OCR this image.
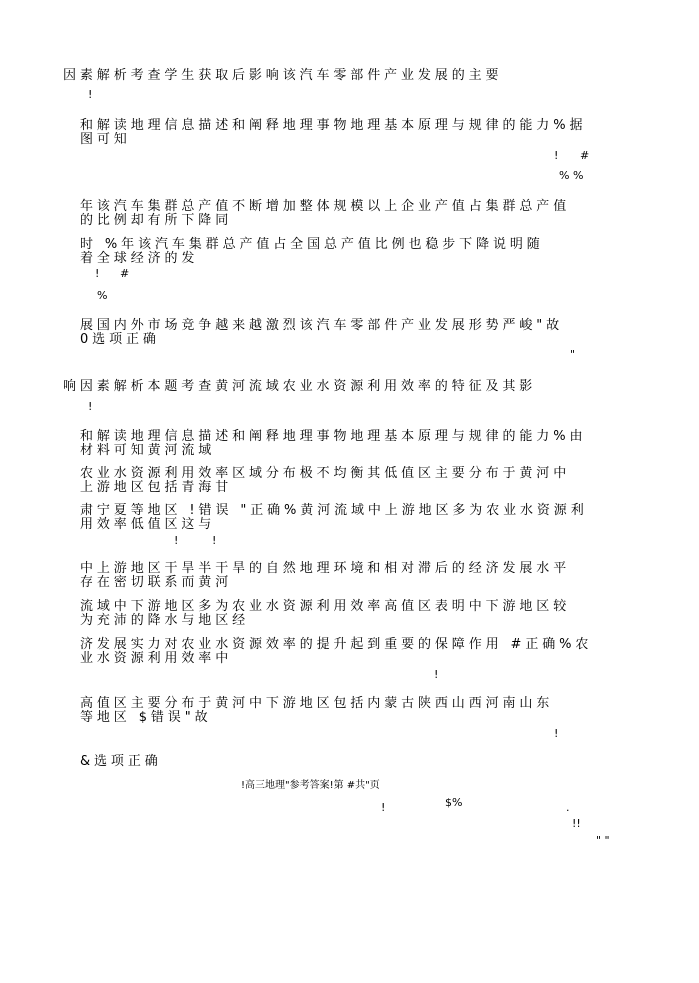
因素解析考查学生获取后影响该汽车零部件产业发展的主要
!
和解读地理信息描述和阐释地理事物地理基本原理与规律的能力%据
图可知
! #
% %
年该汽车集群总产值不断增加整体规模以上企业产值占集群总产值
的比例却有所下降同
时 %年该汽车集群总产值占全国总产值比例也稳步下降说明随
着全球经济的发
! #
%
展国内外市场竞争越来越激烈该汽车零部件产业发展形势严峻"故
0选项正确
"
响因素解析本题考查黄河流域农业水资源利用效率的特征及其影
!
和解读地理信息描述和阐释地理事物地理基本原理与规律的能力%由
材料可知黄河流域
农业水资源利用效率区域分布极不均衡其低值区主要分布于黄河中
上游地区包括青海甘
肃宁夏等地区 !错误 "正确%黄河流域中上游地区多为农业水资源利
用效率低值区这与
!	!
中上游地区干旱半干旱的自然地理环境和相对滞后的经济发展水平
存在密切联系而黄河
流域中下游地区多为农业水资源利用效率高值区表明中下游地区较
为充沛的降水与地区经
济发展实力对农业水资源效率的提升起到重要的保障作用 #正确%农
业水资源利用效率中
!
高值区主要分布于黄河中下游地区包括内蒙古陕西山西河南山东
等地区 $错误"故
!
&选项正确
!高三地理"参考答案!第 #共"页
!	$%	.
!!
" "
